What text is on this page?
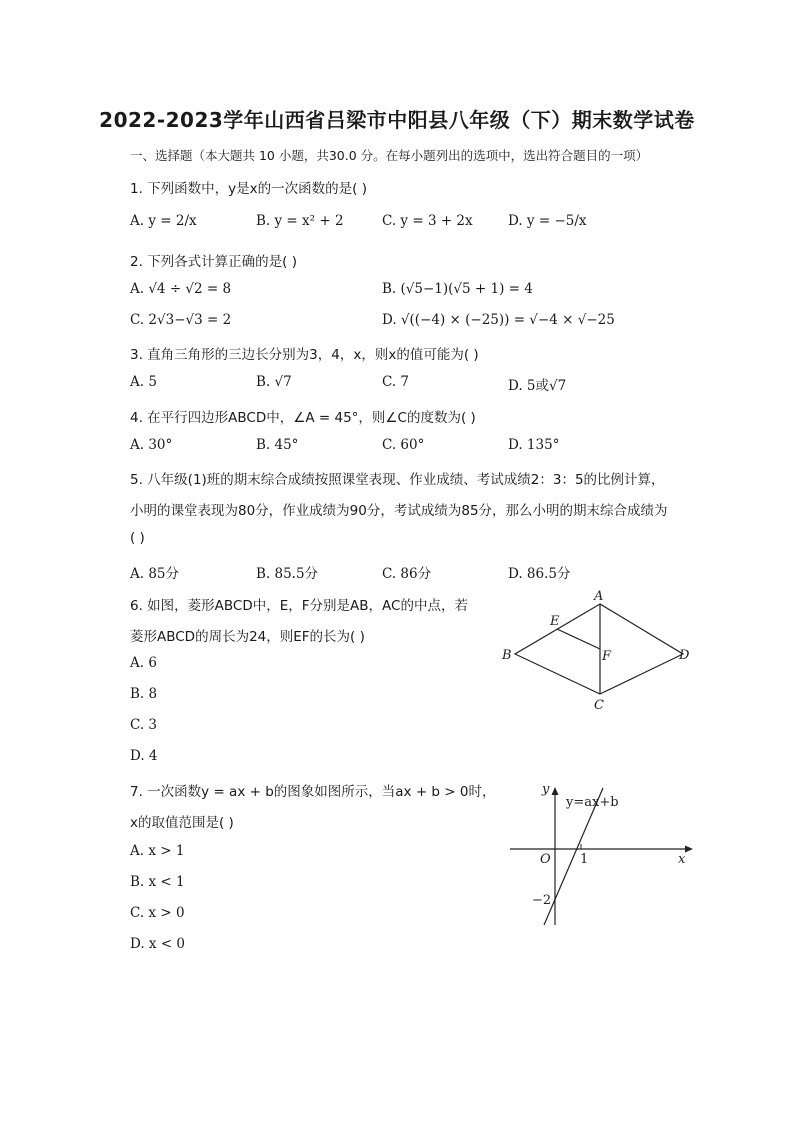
2022-2023学年山西省吕梁市中阳县八年级（下）期末数学试卷
一、选择题（本大题共 10 小题，共30.0 分。在每小题列出的选项中，选出符合题目的一项）
1. 下列函数中，y是x的一次函数的是( )
A. y = 2/x	B. y = x² + 2	C. y = 3 + 2x	D. y = −5/x
2. 下列各式计算正确的是( )
A. √4 ÷ √2 = 8	B. (√5−1)(√5 + 1) = 4
C. 2√3−√3 = 2	D. √((−4) × (−25)) = √−4 × √−25
3. 直角三角形的三边长分别为3，4，x，则x的值可能为( )
A. 5	B. √7	C. 7	D. 5或√7
4. 在平行四边形ABCD中，∠A = 45°，则∠C的度数为( )
A. 30°	B. 45°	C. 60°	D. 135°
5. 八年级(1)班的期末综合成绩按照课堂表现、作业成绩、考试成绩2：3：5的比例计算，
小明的课堂表现为80分，作业成绩为90分，考试成绩为85分，那么小明的期末综合成绩为
( )
A. 85分	B. 85.5分	C. 86分	D. 86.5分
6. 如图，菱形ABCD中，E，F分别是AB，AC的中点，若
菱形ABCD的周长为24，则EF的长为( )
A. 6
B. 8
C. 3
D. 4
A
B
C
D
E
F
7. 一次函数y = ax + b的图象如图所示，当ax + b > 0时，
x的取值范围是( )
A. x > 1
B. x < 1
C. x > 0
D. x < 0
y
x
O
y=ax+b
1
−2
